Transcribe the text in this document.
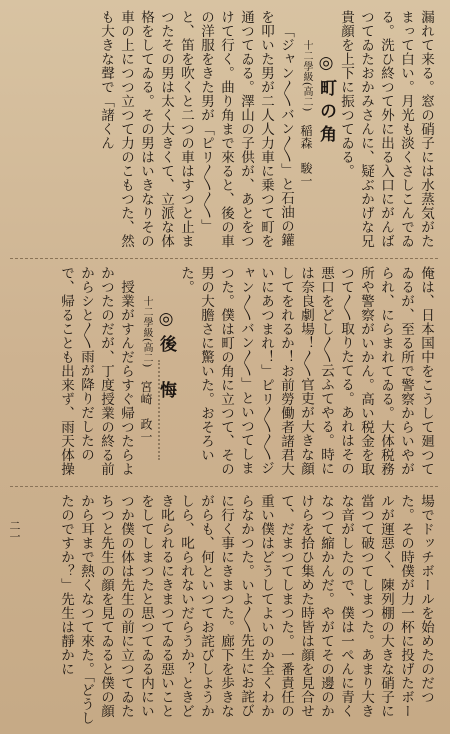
漏れて来る。窓の硝子には水蒸気がたまって白い。月光も淡くさしこんでゐる。洗ひ終つて外に出る入口にがんばつてゐたおかみさんに、疑ぶかげな兄貴顔を上下に振つてゐる。

◎町の角

十二學級(高二)　稲森　駿一

「ジャン〳〵バン〳〵」と石油の鑵を叩いた男が二人人力車に乗つて町を通つてゐる。澤山の子供が、あとをつけて行く。曲り角まで來ると、後の車の洋服をきた男が「ピリ〳〵〳〵」と、笛を吹くと二つの車はすつと止まつたその男は太く大きくて、立派な体格をしてゐる。その男はいきなりその車の上につつ立つて力のこもつた、然も大きな聲で「諸くん

俺は、日本国中をこうして廻つてゐるが、至る所で警察からいやがられ、にらまれてゐる。大体税務所や警察がいかん。高い税金を取つて〳〵取りたてる。あれはその悪口をどし〳〵云ふてやる。時には奈良劇場！〳〵官吏が大きな顔してをれるか！お前勞働者諸君大いにあつまれ！」ピリ〳〵〳〵ジャン〳〵バン〳〵」といつてしまつた。僕は町の角に立つて、その男の大膽さに驚いた。おそろいた。

◎後　悔

十二學級(高二)　宮崎　政一

授業がすんだらすぐ帰つたらよかつたのだが、丁度授業の終る前からシと〳〵雨が降りだしたので、帰ることも出来ず、雨天体操

場でドッチボールを始めたのだつた。その時僕が力一杯に投げたボールが運惡く、陳列棚の大きな硝子に當つて破つてしまつた。あまり大きな音がしたので、僕は一ぺんに青くなつて縮かんだ。やがてその邊のかけらを拾ひ集めた時皆は顔を見合せて、だまつてしまつた。一番責任の重い僕はどうしてよいのか全くわからなかつた。いよ〳〵先生にお詫びに行く事にきまつた。廊下を歩きながらも、何といつてお詫びしようかしら、叱られないだらうか？ときどき叱られるにきまつてゐる惡いことをしてしまつたと思つてゐる内にいつか僕の体は先生の前に立つてゐたちつと先生の顔を見てゐると僕の顔から耳まで熱くなつて來た。「どうしたのですか？」先生は靜かに

二一
